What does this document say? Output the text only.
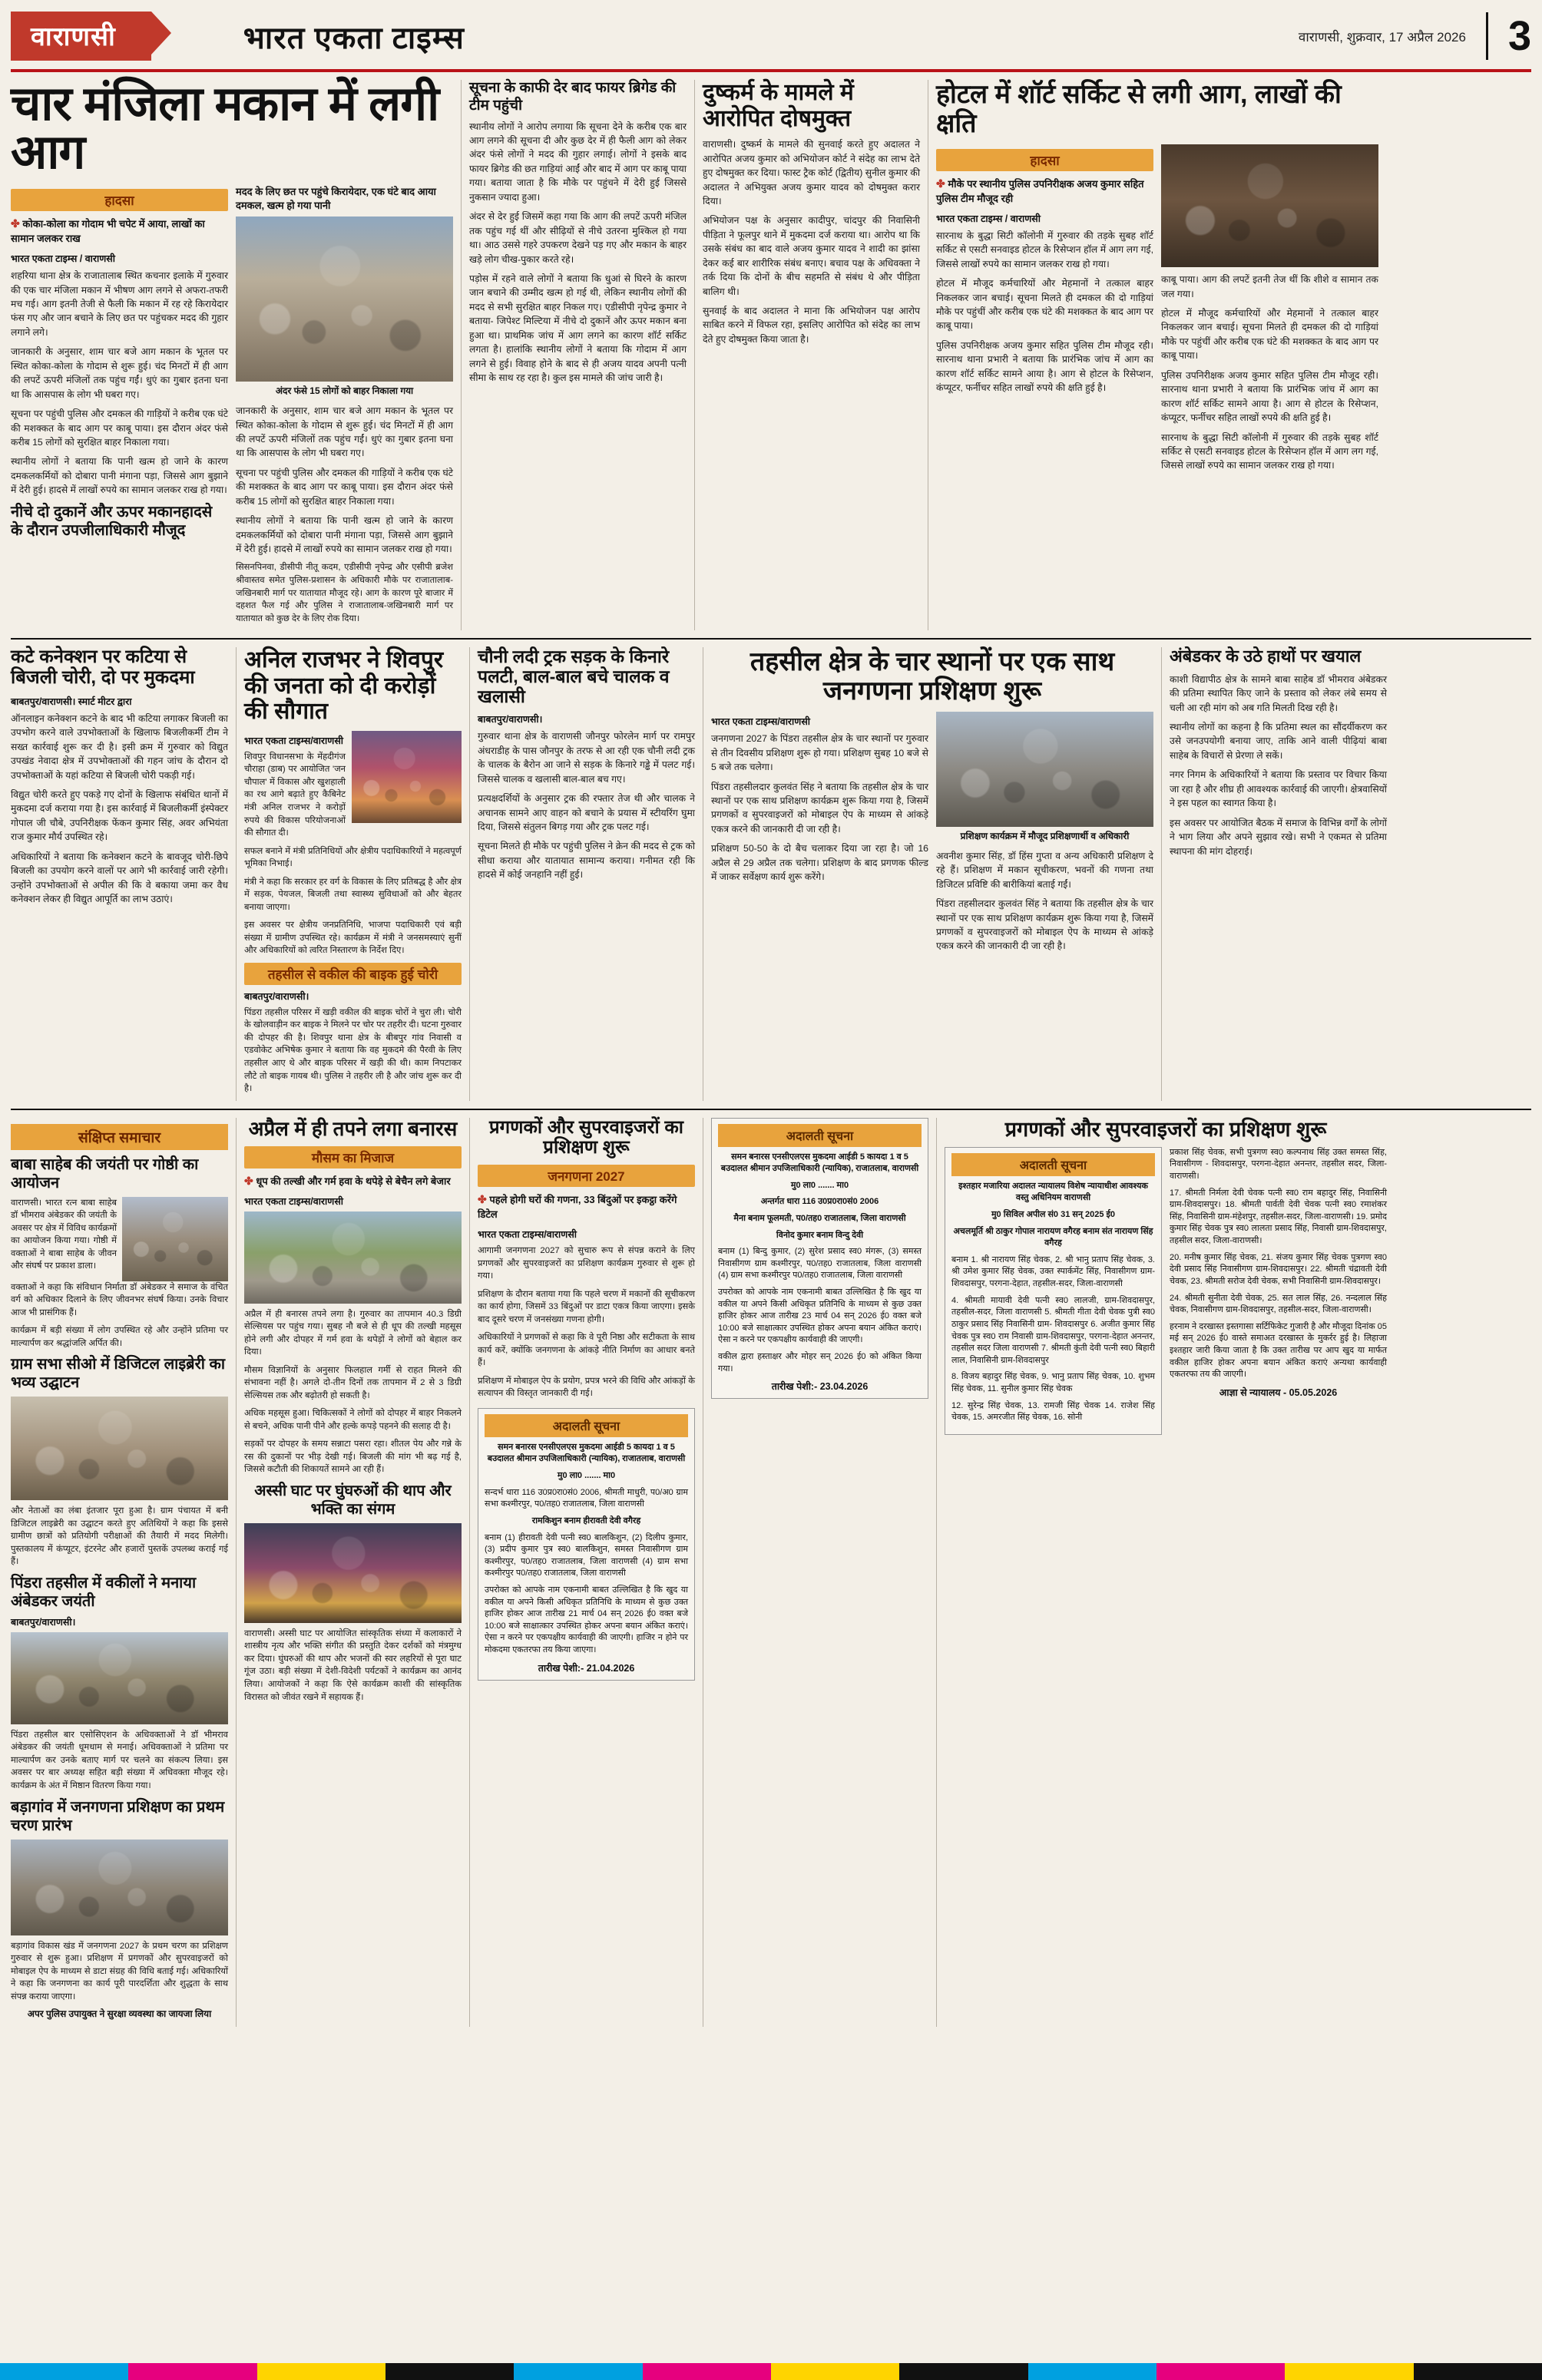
वाराणसी	भारत एकता टाइम्स	वाराणसी, शुक्रवार, 17 अप्रैल 2026 3
चार मंजिला मकान में लगी आग
हादसा
✤ कोका-कोला का गोदाम भी चपेट में आया, लाखों का सामान जलकर राख
भारत एकता टाइम्स / वाराणसी

शहरिया थाना क्षेत्र के राजातालाब स्थित कचनार इलाके में गुरुवार की एक चार मंजिला मकान में भीषण आग लगने से अफरा-तफरी मच गई। आग इतनी तेजी से फैली कि मकान में रह रहे किरायेदार फंस गए और जान बचाने के लिए छत पर पहुंचकर मदद की गुहार लगाने लगे।

जानकारी के अनुसार, शाम चार बजे आग मकान के भूतल पर स्थित कोका-कोला के गोदाम से शुरू हुई। चंद मिनटों में ही आग की लपटें ऊपरी मंजिलों तक पहुंच गईं। धुएं का गुबार इतना घना था कि आसपास के लोग भी घबरा गए।

सूचना पर पहुंची पुलिस और दमकल की गाड़ियों ने करीब एक घंटे की मशक्कत के बाद आग पर काबू पाया। इस दौरान अंदर फंसे करीब 15 लोगों को सुरक्षित बाहर निकाला गया।

स्थानीय लोगों ने बताया कि पानी खत्म हो जाने के कारण दमकलकर्मियों को दोबारा पानी मंगाना पड़ा, जिससे आग बुझाने में देरी हुई। हादसे में लाखों रुपये का सामान जलकर राख हो गया।

नीचे दो दुकानें और ऊपर मकानहादसे के दौरान उपजीलाधिकारी मौजूद
मदद के लिए छत पर पहुंचे किरायेदार, एक घंटे बाद आया दमकल, खत्म हो गया पानी
अंदर फंसे 15 लोगों को बाहर निकाला गया

जानकारी के अनुसार, शाम चार बजे आग मकान के भूतल पर स्थित कोका-कोला के गोदाम से शुरू हुई। चंद मिनटों में ही आग की लपटें ऊपरी मंजिलों तक पहुंच गईं। धुएं का गुबार इतना घना था कि आसपास के लोग भी घबरा गए।

सूचना पर पहुंची पुलिस और दमकल की गाड़ियों ने करीब एक घंटे की मशक्कत के बाद आग पर काबू पाया। इस दौरान अंदर फंसे करीब 15 लोगों को सुरक्षित बाहर निकाला गया।

स्थानीय लोगों ने बताया कि पानी खत्म हो जाने के कारण दमकलकर्मियों को दोबारा पानी मंगाना पड़ा, जिससे आग बुझाने में देरी हुई। हादसे में लाखों रुपये का सामान जलकर राख हो गया।

सिसनपिनवा, डीसीपी नीतू कदम, एडीसीपी नृपेन्द्र और एसीपी ब्रजेश श्रीवास्तव समेत पुलिस-प्रशासन के अधिकारी मौके पर राजातालाब-जखिनबारी मार्ग पर यातायात मौजूद रहे। आग के कारण पूरे बाजार में दहशत फैल गई और पुलिस ने राजातालाब-जखिनबारी मार्ग पर यातायात को कुछ देर के लिए रोक दिया।

सूचना के काफी देर बाद फायर ब्रिगेड की टीम पहुंची

स्थानीय लोगों ने आरोप लगाया कि सूचना देने के करीब एक बार आग लगने की सूचना दी और कुछ देर में ही फैली आग को लेकर अंदर फंसे लोगों ने मदद की गुहार लगाई। लोगों ने इसके बाद फायर ब्रिगेड की छत गाड़ियां आईं और बाद में आग पर काबू पाया गया। बताया जाता है कि मौके पर पहुंचने में देरी हुई जिससे नुकसान ज्यादा हुआ।

अंदर से देर हुई जिसमें कहा गया कि आग की लपटें ऊपरी मंजिल तक पहुंच गई थीं और सीढ़ियों से नीचे उतरना मुश्किल हो गया था। आठ उससे गहरे उपकरण देखने पड़ गए और मकान के बाहर खड़े लोग चीख-पुकार करते रहे।

पड़ोस में रहने वाले लोगों ने बताया कि धुआं से घिरने के कारण जान बचाने की उम्मीद खत्म हो गई थी, लेकिन स्थानीय लोगों की मदद से सभी सुरक्षित बाहर निकल गए। एडीसीपी नृपेन्द्र कुमार ने बताया- जिपेश्ट मिल्टिया में नीचे दो दुकानें और ऊपर मकान बना हुआ था। प्राथमिक जांच में आग लगने का कारण शॉर्ट सर्किट लगता है। हालांकि स्थानीय लोगों ने बताया कि गोदाम में आग लगने से हुई। विवाह होने के बाद से ही अजय यादव अपनी पत्नी सीमा के साथ रह रहा है। कुल इस मामले की जांच जारी है।

दुष्कर्म के मामले में आरोपित दोषमुक्त

वाराणसी। दुष्कर्म के मामले की सुनवाई करते हुए अदालत ने आरोपित अजय कुमार को अभियोजन कोर्ट ने संदेह का लाभ देते हुए दोषमुक्त कर दिया। फास्ट ट्रैक कोर्ट (द्वितीय) सुनील कुमार की अदालत ने अभियुक्त अजय कुमार यादव को दोषमुक्त करार दिया।

अभियोजन पक्ष के अनुसार कादीपुर, चांदपुर की निवासिनी पीड़िता ने फूलपुर थाने में मुकदमा दर्ज कराया था। आरोप था कि उसके संबंध का बाद वाले अजय कुमार यादव ने शादी का झांसा देकर कई बार शारीरिक संबंध बनाए। बचाव पक्ष के अधिवक्ता ने तर्क दिया कि दोनों के बीच सहमति से संबंध थे और पीड़िता बालिग थी।

सुनवाई के बाद अदालत ने माना कि अभियोजन पक्ष आरोप साबित करने में विफल रहा, इसलिए आरोपित को संदेह का लाभ देते हुए दोषमुक्त किया जाता है।

होटल में शॉर्ट सर्किट से लगी आग, लाखों की क्षति
हादसा
✤ मौके पर स्थानीय पुलिस उपनिरीक्षक अजय कुमार सहित पुलिस टीम मौजूद रही
भारत एकता टाइम्स / वाराणसी

सारनाथ के बुद्धा सिटी कॉलोनी में गुरुवार की तड़के सुबह शॉर्ट सर्किट से एसटी सनवाइड होटल के रिसेप्शन हॉल में आग लग गई, जिससे लाखों रुपये का सामान जलकर राख हो गया।

होटल में मौजूद कर्मचारियों और मेहमानों ने तत्काल बाहर निकलकर जान बचाई। सूचना मिलते ही दमकल की दो गाड़ियां मौके पर पहुंचीं और करीब एक घंटे की मशक्कत के बाद आग पर काबू पाया।

पुलिस उपनिरीक्षक अजय कुमार सहित पुलिस टीम मौजूद रही। सारनाथ थाना प्रभारी ने बताया कि प्रारंभिक जांच में आग का कारण शॉर्ट सर्किट सामने आया है। आग से होटल के रिसेप्शन, कंप्यूटर, फर्नीचर सहित लाखों रुपये की क्षति हुई है।

काबू पाया। आग की लपटें इतनी तेज थीं कि शीशे व सामान तक जल गया।

होटल में मौजूद कर्मचारियों और मेहमानों ने तत्काल बाहर निकलकर जान बचाई। सूचना मिलते ही दमकल की दो गाड़ियां मौके पर पहुंचीं और करीब एक घंटे की मशक्कत के बाद आग पर काबू पाया।

पुलिस उपनिरीक्षक अजय कुमार सहित पुलिस टीम मौजूद रही। सारनाथ थाना प्रभारी ने बताया कि प्रारंभिक जांच में आग का कारण शॉर्ट सर्किट सामने आया है। आग से होटल के रिसेप्शन, कंप्यूटर, फर्नीचर सहित लाखों रुपये की क्षति हुई है।

सारनाथ के बुद्धा सिटी कॉलोनी में गुरुवार की तड़के सुबह शॉर्ट सर्किट से एसटी सनवाइड होटल के रिसेप्शन हॉल में आग लग गई, जिससे लाखों रुपये का सामान जलकर राख हो गया।

कटे कनेक्शन पर कटिया से बिजली चोरी, दो पर मुकदमा
बाबतपुर/वाराणसी। स्मार्ट मीटर द्वारा

ऑनलाइन कनेक्शन कटने के बाद भी कटिया लगाकर बिजली का उपभोग करने वाले उपभोक्ताओं के खिलाफ बिजलीकर्मी टीम ने सख्त कार्रवाई शुरू कर दी है। इसी क्रम में गुरुवार को विद्युत उपखंड नेवादा क्षेत्र में उपभोक्ताओं की गहन जांच के दौरान दो उपभोक्ताओं के यहां कटिया से बिजली चोरी पकड़ी गई।

विद्युत चोरी करते हुए पकड़े गए दोनों के खिलाफ संबंधित थानों में मुकदमा दर्ज कराया गया है। इस कार्रवाई में बिजलीकर्मी इंस्पेक्टर गोपाल जी चौबे, उपनिरीक्षक फेंकन कुमार सिंह, अवर अभियंता राज कुमार मौर्य उपस्थित रहे।

अधिकारियों ने बताया कि कनेक्शन कटने के बावजूद चोरी-छिपे बिजली का उपयोग करने वालों पर आगे भी कार्रवाई जारी रहेगी। उन्होंने उपभोक्ताओं से अपील की कि वे बकाया जमा कर वैध कनेक्शन लेकर ही विद्युत आपूर्ति का लाभ उठाएं।

अनिल राजभर ने शिवपुर की जनता को दी करोड़ों की सौगात
भारत एकता टाइम्स/वाराणसी

शिवपुर विधानसभा के मेंहदीगंज चौराहा (डाब) पर आयोजित 'जन चौपाल' में विकास और खुशहाली का रथ आगे बढ़ाते हुए कैबिनेट मंत्री अनिल राजभर ने करोड़ों रुपये की विकास परियोजनाओं की सौगात दी।

सफल बनाने में मंत्री प्रतिनिधियों और क्षेत्रीय पदाधिकारियों ने महत्वपूर्ण भूमिका निभाई।

मंत्री ने कहा कि सरकार हर वर्ग के विकास के लिए प्रतिबद्ध है और क्षेत्र में सड़क, पेयजल, बिजली तथा स्वास्थ्य सुविधाओं को और बेहतर बनाया जाएगा।

इस अवसर पर क्षेत्रीय जनप्रतिनिधि, भाजपा पदाधिकारी एवं बड़ी संख्या में ग्रामीण उपस्थित रहे। कार्यक्रम में मंत्री ने जनसमस्याएं सुनीं और अधिकारियों को त्वरित निस्तारण के निर्देश दिए।

तहसील से वकील की बाइक हुई चोरी
बाबतपुर/वाराणसी।

पिंडरा तहसील परिसर में खड़ी वकील की बाइक चोरों ने चुरा ली। चोरी के खोलवाड़ीन कर बाइक ने मिलने पर चोर पर तहरीर दी। घटना गुरुवार की दोपहर की है। शिवपुर थाना क्षेत्र के बीबपुर गांव निवासी व एडवोकेट अभिषेक कुमार ने बताया कि वह मुकदमे की पैरवी के लिए तहसील आए थे और बाइक परिसर में खड़ी की थी। काम निपटाकर लौटे तो बाइक गायब थी। पुलिस ने तहरीर ली है और जांच शुरू कर दी है।

चौनी लदी ट्रक सड़क के किनारे पलटी, बाल-बाल बचे चालक व खलासी
बाबतपुर/वाराणसी।

गुरुवार थाना क्षेत्र के वाराणसी जौनपुर फोरलेन मार्ग पर रामपुर अंधराडीह के पास जौनपुर के तरफ से आ रही एक चौनी लदी ट्रक के चालक के बैरोन आ जाने से सड़क के किनारे गड्ढे में पलट गई। जिससे चालक व खलासी बाल-बाल बच गए।

प्रत्यक्षदर्शियों के अनुसार ट्रक की रफ्तार तेज थी और चालक ने अचानक सामने आए वाहन को बचाने के प्रयास में स्टीयरिंग घुमा दिया, जिससे संतुलन बिगड़ गया और ट्रक पलट गई।

सूचना मिलते ही मौके पर पहुंची पुलिस ने क्रेन की मदद से ट्रक को सीधा कराया और यातायात सामान्य कराया। गनीमत रही कि हादसे में कोई जनहानि नहीं हुई।

तहसील क्षेत्र के चार स्थानों पर एक साथ जनगणना प्रशिक्षण शुरू
भारत एकता टाइम्स/वाराणसी

जनगणना 2027 के पिंडरा तहसील क्षेत्र के चार स्थानों पर गुरुवार से तीन दिवसीय प्रशिक्षण शुरू हो गया। प्रशिक्षण सुबह 10 बजे से 5 बजे तक चलेगा।

पिंडरा तहसीलदार कुलवंत सिंह ने बताया कि तहसील क्षेत्र के चार स्थानों पर एक साथ प्रशिक्षण कार्यक्रम शुरू किया गया है, जिसमें प्रगणकों व सुपरवाइजरों को मोबाइल ऐप के माध्यम से आंकड़े एकत्र करने की जानकारी दी जा रही है।

प्रशिक्षण 50-50 के दो बैच चलाकर दिया जा रहा है। जो 16 अप्रैल से 29 अप्रैल तक चलेगा। प्रशिक्षण के बाद प्रगणक फील्ड में जाकर सर्वेक्षण कार्य शुरू करेंगे।

प्रशिक्षण कार्यक्रम में मौजूद प्रशिक्षणार्थी व अधिकारी

अवनीश कुमार सिंह, डॉ हिंस गुप्ता व अन्य अधिकारी प्रशिक्षण दे रहे हैं। प्रशिक्षण में मकान सूचीकरण, भवनों की गणना तथा डिजिटल प्रविष्टि की बारीकियां बताई गईं।

पिंडरा तहसीलदार कुलवंत सिंह ने बताया कि तहसील क्षेत्र के चार स्थानों पर एक साथ प्रशिक्षण कार्यक्रम शुरू किया गया है, जिसमें प्रगणकों व सुपरवाइजरों को मोबाइल ऐप के माध्यम से आंकड़े एकत्र करने की जानकारी दी जा रही है।

अंबेडकर के उठे हाथों पर खयाल

काशी विद्यापीठ क्षेत्र के सामने बाबा साहेब डॉ भीमराव अंबेडकर की प्रतिमा स्थापित किए जाने के प्रस्ताव को लेकर लंबे समय से चली आ रही मांग को अब गति मिलती दिख रही है।

स्थानीय लोगों का कहना है कि प्रतिमा स्थल का सौंदर्यीकरण कर उसे जनउपयोगी बनाया जाए, ताकि आने वाली पीढ़ियां बाबा साहेब के विचारों से प्रेरणा ले सकें।

नगर निगम के अधिकारियों ने बताया कि प्रस्ताव पर विचार किया जा रहा है और शीघ्र ही आवश्यक कार्रवाई की जाएगी। क्षेत्रवासियों ने इस पहल का स्वागत किया है।

इस अवसर पर आयोजित बैठक में समाज के विभिन्न वर्गों के लोगों ने भाग लिया और अपने सुझाव रखे। सभी ने एकमत से प्रतिमा स्थापना की मांग दोहराई।

संक्षिप्त समाचार
बाबा साहेब की जयंती पर गोष्ठी का आयोजन

वाराणसी। भारत रत्न बाबा साहेब डॉ भीमराव अंबेडकर की जयंती के अवसर पर क्षेत्र में विविध कार्यक्रमों का आयोजन किया गया। गोष्ठी में वक्ताओं ने बाबा साहेब के जीवन और संघर्ष पर प्रकाश डाला।

वक्ताओं ने कहा कि संविधान निर्माता डॉ अंबेडकर ने समाज के वंचित वर्ग को अधिकार दिलाने के लिए जीवनभर संघर्ष किया। उनके विचार आज भी प्रासंगिक हैं।

कार्यक्रम में बड़ी संख्या में लोग उपस्थित रहे और उन्होंने प्रतिमा पर माल्यार्पण कर श्रद्धांजलि अर्पित की।

ग्राम सभा सीओ में डिजिटल लाइब्रेरी का भव्य उद्घाटन

और नेताओं का लंबा इंतजार पूरा हुआ है। ग्राम पंचायत में बनी डिजिटल लाइब्रेरी का उद्घाटन करते हुए अतिथियों ने कहा कि इससे ग्रामीण छात्रों को प्रतियोगी परीक्षाओं की तैयारी में मदद मिलेगी। पुस्तकालय में कंप्यूटर, इंटरनेट और हजारों पुस्तकें उपलब्ध कराई गई हैं।

पिंडरा तहसील में वकीलों ने मनाया अंबेडकर जयंती
बाबतपुर/वाराणसी।

पिंडरा तहसील बार एसोसिएशन के अधिवक्ताओं ने डॉ भीमराव अंबेडकर की जयंती धूमधाम से मनाई। अधिवक्ताओं ने प्रतिमा पर माल्यार्पण कर उनके बताए मार्ग पर चलने का संकल्प लिया। इस अवसर पर बार अध्यक्ष सहित बड़ी संख्या में अधिवक्ता मौजूद रहे। कार्यक्रम के अंत में मिष्ठान वितरण किया गया।

बड़ागांव में जनगणना प्रशिक्षण का प्रथम चरण प्रारंभ

बड़ागांव विकास खंड में जनगणना 2027 के प्रथम चरण का प्रशिक्षण गुरुवार से शुरू हुआ। प्रशिक्षण में प्रगणकों और सुपरवाइजरों को मोबाइल ऐप के माध्यम से डाटा संग्रह की विधि बताई गई। अधिकारियों ने कहा कि जनगणना का कार्य पूरी पारदर्शिता और शुद्धता के साथ संपन्न कराया जाएगा।

अपर पुलिस उपायुक्त ने सुरक्षा व्यवस्था का जायजा लिया
अप्रैल में ही तपने लगा बनारस
मौसम का मिजाज
✤ धूप की तल्खी और गर्म हवा के थपेड़े से बेचैन लगे बेजार
भारत एकता टाइम्स/वाराणसी

अप्रैल में ही बनारस तपने लगा है। गुरुवार का तापमान 40.3 डिग्री सेल्सियस पर पहुंच गया। सुबह नौ बजे से ही धूप की तल्खी महसूस होने लगी और दोपहर में गर्म हवा के थपेड़ों ने लोगों को बेहाल कर दिया।

मौसम विज्ञानियों के अनुसार फिलहाल गर्मी से राहत मिलने की संभावना नहीं है। अगले दो-तीन दिनों तक तापमान में 2 से 3 डिग्री सेल्सियस तक और बढ़ोतरी हो सकती है।

अधिक महसूस हुआ। चिकित्सकों ने लोगों को दोपहर में बाहर निकलने से बचने, अधिक पानी पीने और हल्के कपड़े पहनने की सलाह दी है।

सड़कों पर दोपहर के समय सन्नाटा पसरा रहा। शीतल पेय और गन्ने के रस की दुकानों पर भीड़ देखी गई। बिजली की मांग भी बढ़ गई है, जिससे कटौती की शिकायतें सामने आ रही हैं।

अस्सी घाट पर घुंघरुओं की थाप और भक्ति का संगम

वाराणसी। अस्सी घाट पर आयोजित सांस्कृतिक संध्या में कलाकारों ने शास्त्रीय नृत्य और भक्ति संगीत की प्रस्तुति देकर दर्शकों को मंत्रमुग्ध कर दिया। घुंघरुओं की थाप और भजनों की स्वर लहरियों से पूरा घाट गूंज उठा। बड़ी संख्या में देशी-विदेशी पर्यटकों ने कार्यक्रम का आनंद लिया। आयोजकों ने कहा कि ऐसे कार्यक्रम काशी की सांस्कृतिक विरासत को जीवंत रखने में सहायक हैं।

प्रगणकों और सुपरवाइजरों का प्रशिक्षण शुरू
जनगणना 2027
✤ पहले होगी घरों की गणना, 33 बिंदुओं पर इकट्ठा करेंगे डिटेल
भारत एकता टाइम्स/वाराणसी

आगामी जनगणना 2027 को सुचारु रूप से संपन्न कराने के लिए प्रगणकों और सुपरवाइजरों का प्रशिक्षण कार्यक्रम गुरुवार से शुरू हो गया।

प्रशिक्षण के दौरान बताया गया कि पहले चरण में मकानों की सूचीकरण का कार्य होगा, जिसमें 33 बिंदुओं पर डाटा एकत्र किया जाएगा। इसके बाद दूसरे चरण में जनसंख्या गणना होगी।

अधिकारियों ने प्रगणकों से कहा कि वे पूरी निष्ठा और सटीकता के साथ कार्य करें, क्योंकि जनगणना के आंकड़े नीति निर्माण का आधार बनते हैं।

प्रशिक्षण में मोबाइल ऐप के प्रयोग, प्रपत्र भरने की विधि और आंकड़ों के सत्यापन की विस्तृत जानकारी दी गई।

अदालती सूचना

समन बनारस एनसीएलएस मुकदमा आईडी 5 कायदा 1 व 5 बउदालत श्रीमान उपजिलाधिकारी (न्यायिक), राजातलाब, वाराणसी

मु0 ला0 ....... मा0

सन्दर्भ धारा 116 उ0प्र0रा0सं0 2006, श्रीमती माधुरी, प0/अ0 ग्राम सभा कश्मीरपुर, प0/तह0 राजातलाब, जिला वाराणसी

रामकिशुन बनाम हीरावती देवी वगैरह

बनाम (1) हीरावती देवी पत्नी स्व0 बालकिशुन, (2) दिलीप कुमार, (3) प्रदीप कुमार पुत्र स्व0 बालकिशुन, समस्त निवासीगण ग्राम कश्मीरपुर, प0/तह0 राजातलाब, जिला वाराणसी (4) ग्राम सभा कश्मीरपुर प0/तह0 राजातलाब, जिला वाराणसी

उपरोक्त को आपके नाम एकनामी बाबत उल्लिखित है कि खुद या वकील या अपने किसी अधिकृत प्रतिनिधि के माध्यम से कुछ उक्त हाजिर होकर आज तारीख 21 मार्च 04 सन् 2026 ई0 वक्त बजे 10:00 बजे साक्षात्कार उपस्थित होकर अपना बयान अंकित कराएं। ऐसा न करने पर एकपक्षीय कार्यवाही की जाएगी। हाजिर न होने पर मोकदमा एकतरफा तय किया जाएगा।

तारीख पेशी:- 21.04.2026
अदालती सूचना

समन बनारस एनसीएलएस मुकदमा आईडी 5 कायदा 1 व 5 बउदालत श्रीमान उपजिलाधिकारी (न्यायिक), राजातलाब, वाराणसी

मु0 ला0 ....... मा0

अन्तर्गत धारा 116 उ0प्र0रा0सं0 2006

मैना बनाम फूलमती, प0/तह0 राजातलाब, जिला वाराणसी

विनोद कुमार बनाम विन्दु देवी

बनाम (1) बिन्दु कुमार, (2) सुरेश प्रसाद स्व0 मंगरू, (3) समस्त निवासीगण ग्राम कश्मीरपुर, प0/तह0 राजातलाब, जिला वाराणसी (4) ग्राम सभा कश्मीरपुर प0/तह0 राजातलाब, जिला वाराणसी

उपरोक्त को आपके नाम एकनामी बाबत उल्लिखित है कि खुद या वकील या अपने किसी अधिकृत प्रतिनिधि के माध्यम से कुछ उक्त हाजिर होकर आज तारीख 23 मार्च 04 सन् 2026 ई0 वक्त बजे 10:00 बजे साक्षात्कार उपस्थित होकर अपना बयान अंकित कराएं। ऐसा न करने पर एकपक्षीय कार्यवाही की जाएगी।

वकील द्वारा हस्ताक्षर और मोहर सन् 2026 ई0 को अंकित किया गया।

तारीख पेशी:- 23.04.2026
प्रगणकों और सुपरवाइजरों का प्रशिक्षण शुरू
अदालती सूचना

इश्तहार मजारिया अदालत न्यायालय विशेष न्यायाधीश आवश्यक वस्तु अधिनियम वाराणसी

मु0 सिविल अपील सं0 31 सन् 2025 ई0

अचलमूर्ति श्री ठाकुर गोपाल नारायण वगैरह बनाम संत नारायण सिंह वगैरह

बनाम 1. श्री नारायण सिंह चेवक, 2. श्री भानु प्रताप सिंह चेवक, 3. श्री उमेश कुमार सिंह चेवक, उक्त स्पार्कमेंट सिंह, निवासीगण ग्राम- शिवदासपुर, परगना-देहात, तहसील-सदर, जिला-वाराणसी

4. श्रीमती मायावी देवी पत्नी स्व0 लालजी, ग्राम-शिवदासपुर, तहसील-सदर, जिला वाराणसी 5. श्रीमती गीता देवी चेवक पुत्री स्व0 ठाकुर प्रसाद सिंह निवासिनी ग्राम- शिवदासपुर 6. अजीत कुमार सिंह चेवक पुत्र स्व0 राम निवासी ग्राम-शिवदासपुर, परगना-देहात अनन्तर, तहसील सदर जिला वाराणसी 7. श्रीमती कुंती देवी पत्नी स्व0 बिहारी लाल, निवासिनी ग्राम-शिवदासपुर

8. विजय बहादुर सिंह चेवक, 9. भानु प्रताप सिंह चेवक, 10. शुभम सिंह चेवक, 11. सुनील कुमार सिंह चेवक

12. सुरेन्द्र सिंह चेवक, 13. रामजी सिंह चेवक 14. राजेश सिंह चेवक, 15. अमरजीत सिंह चेवक, 16. सोनी

प्रकाश सिंह चेवक, सभी पुत्रगण स्व0 कल्पनाथ सिंह उक्त समस्त सिंह, निवासीगण - शिवदासपुर, परगना-देहात अनन्तर, तहसील सदर, जिला-वाराणसी।

17. श्रीमती निर्मला देवी चेवक पत्नी स्व0 राम बहादुर सिंह, निवासिनी ग्राम-शिवदासपुर। 18. श्रीमती पार्वती देवी चेवक पत्नी स्व0 रमाशंकर सिंह, निवासिनी ग्राम-मंहेशपुर, तहसील-सदर, जिला-वाराणसी। 19. प्रमोद कुमार सिंह चेवक पुत्र स्व0 लालता प्रसाद सिंह, निवासी ग्राम-शिवदासपुर, तहसील सदर, जिला-वाराणसी।

20. मनीष कुमार सिंह चेवक, 21. संजय कुमार सिंह चेवक पुत्रगण स्व0 देवी प्रसाद सिंह निवासीगण ग्राम-शिवदासपुर। 22. श्रीमती चंद्रावती देवी चेवक, 23. श्रीमती सरोज देवी चेवक, सभी निवासिनी ग्राम-शिवदासपुर।

24. श्रीमती सुनीता देवी चेवक, 25. सत लाल सिंह, 26. नन्दलाल सिंह चेवक, निवासीगण ग्राम-शिवदासपुर, तहसील-सदर, जिला-वाराणसी।

हरनाम ने दरखास्त इस्तगासा सर्टिफिकेट गुजारी है और मौजूदा दिनांक 05 मई सन् 2026 ई0 वास्ते समाअत दरखास्त के मुकर्रर हुई है। लिहाजा इश्तहार जारी किया जाता है कि उक्त तारीख पर आप खुद या मार्फत वकील हाजिर होकर अपना बयान अंकित कराएं अन्यथा कार्यवाही एकतरफा तय की जाएगी।

आज्ञा से न्यायालय - 05.05.2026
